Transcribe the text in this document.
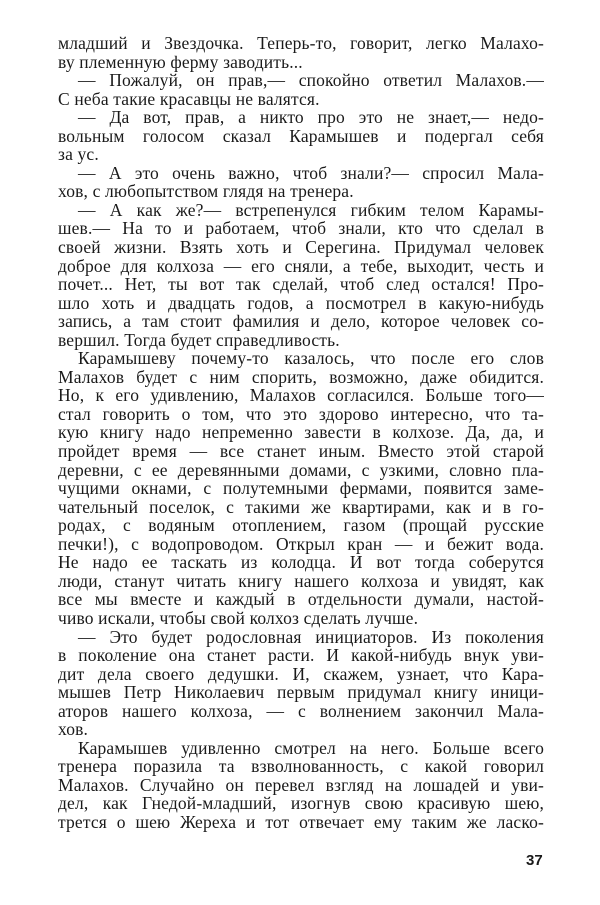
младший и Звездочка. Теперь-то, говорит, легко Малахо-
ву племенную ферму заводить...
— Пожалуй, он прав,— спокойно ответил Малахов.—
С неба такие красавцы не валятся.
— Да вот, прав, а никто про это не знает,— недо-
вольным голосом сказал Карамышев и подергал себя
за ус.
— А это очень важно, чтоб знали?— спросил Мала-
хов, с любопытством глядя на тренера.
— А как же?— встрепенулся гибким телом Карамы-
шев.— На то и работаем, чтоб знали, кто что сделал в
своей жизни. Взять хоть и Серегина. Придумал человек
доброе для колхоза — его сняли, а тебе, выходит, честь и
почет... Нет, ты вот так сделай, чтоб след остался! Про-
шло хоть и двадцать годов, а посмотрел в какую-нибудь
запись, а там стоит фамилия и дело, которое человек со-
вершил. Тогда будет справедливость.
Карамышеву почему-то казалось, что после его слов
Малахов будет с ним спорить, возможно, даже обидится.
Но, к его удивлению, Малахов согласился. Больше того—
стал говорить о том, что это здорово интересно, что та-
кую книгу надо непременно завести в колхозе. Да, да, и
пройдет время — все станет иным. Вместо этой старой
деревни, с ее деревянными домами, с узкими, словно пла-
чущими окнами, с полутемными фермами, появится заме-
чательный поселок, с такими же квартирами, как и в го-
родах, с водяным отоплением, газом (прощай русские
печки!), с водопроводом. Открыл кран — и бежит вода.
Не надо ее таскать из колодца. И вот тогда соберутся
люди, станут читать книгу нашего колхоза и увидят, как
все мы вместе и каждый в отдельности думали, настой-
чиво искали, чтобы свой колхоз сделать лучше.
— Это будет родословная инициаторов. Из поколения
в поколение она станет расти. И какой-нибудь внук уви-
дит дела своего дедушки. И, скажем, узнает, что Кара-
мышев Петр Николаевич первым придумал книгу иници-
аторов нашего колхоза, — с волнением закончил Мала-
хов.
Карамышев удивленно смотрел на него. Больше всего
тренера поразила та взволнованность, с какой говорил
Малахов. Случайно он перевел взгляд на лошадей и уви-
дел, как Гнедой-младший, изогнув свою красивую шею,
трется о шею Жереха и тот отвечает ему таким же ласко-
37
